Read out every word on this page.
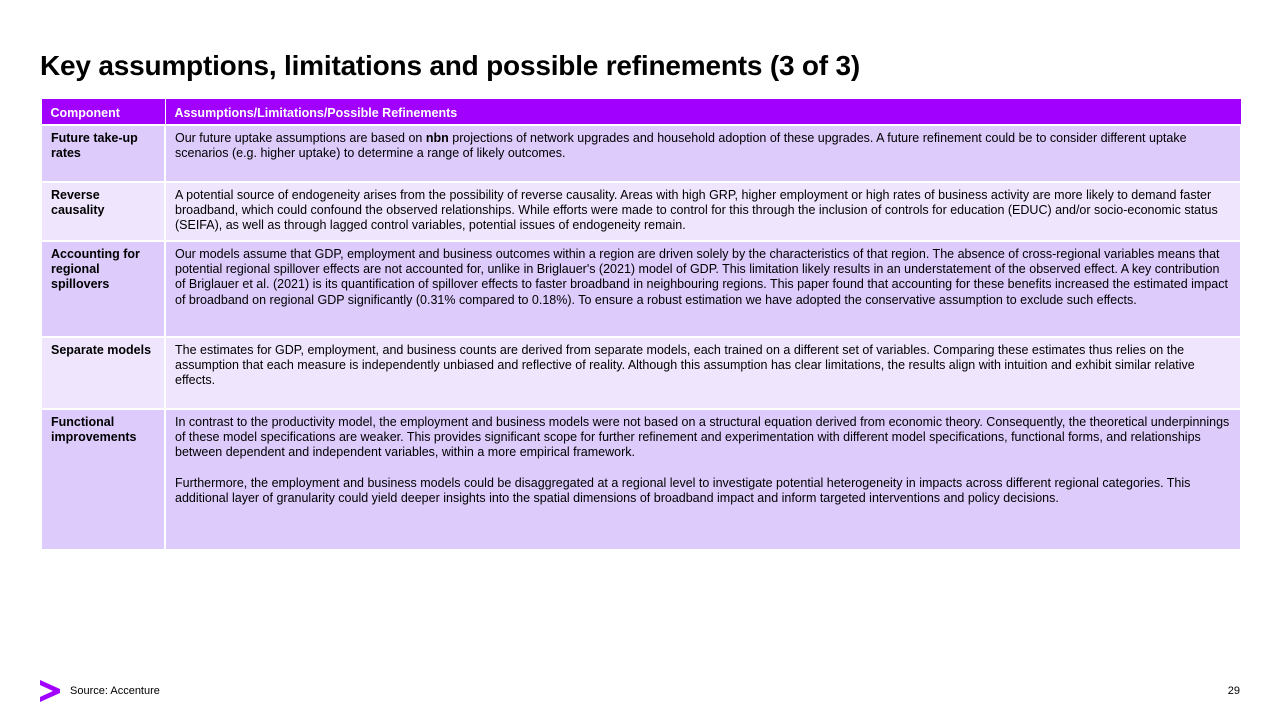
Key assumptions, limitations and possible refinements (3 of 3)
Component	Assumptions/Limitations/Possible Refinements
Future take-up rates	Our future uptake assumptions are based on nbn projections of network upgrades and household adoption of these upgrades. A future refinement could be to consider different uptake scenarios (e.g. higher uptake) to determine a range of likely outcomes.
Reverse causality	A potential source of endogeneity arises from the possibility of reverse causality. Areas with high GRP, higher employment or high rates of business activity are more likely to demand faster broadband, which could confound the observed relationships. While efforts were made to control for this through the inclusion of controls for education (EDUC) and/or socio-economic status (SEIFA), as well as through lagged control variables, potential issues of endogeneity remain.
Accounting for regional spillovers	Our models assume that GDP, employment and business outcomes within a region are driven solely by the characteristics of that region. The absence of cross-regional variables means that potential regional spillover effects are not accounted for, unlike in Briglauer's (2021) model of GDP. This limitation likely results in an understatement of the observed effect. A key contribution of Briglauer et al. (2021) is its quantification of spillover effects to faster broadband in neighbouring regions. This paper found that accounting for these benefits increased the estimated impact of broadband on regional GDP significantly (0.31% compared to 0.18%). To ensure a robust estimation we have adopted the conservative assumption to exclude such effects.
Separate models	The estimates for GDP, employment, and business counts are derived from separate models, each trained on a different set of variables. Comparing these estimates thus relies on the assumption that each measure is independently unbiased and reflective of reality. Although this assumption has clear limitations, the results align with intuition and exhibit similar relative effects.
Functional improvements	In contrast to the productivity model, the employment and business models were not based on a structural equation derived from economic theory. Consequently, the theoretical underpinnings of these model specifications are weaker. This provides significant scope for further refinement and experimentation with different model specifications, functional forms, and relationships between dependent and independent variables, within a more empirical framework.

Furthermore, the employment and business models could be disaggregated at a regional level to investigate potential heterogeneity in impacts across different regional categories. This additional layer of granularity could yield deeper insights into the spatial dimensions of broadband impact and inform targeted interventions and policy decisions.

Source: Accenture	29
